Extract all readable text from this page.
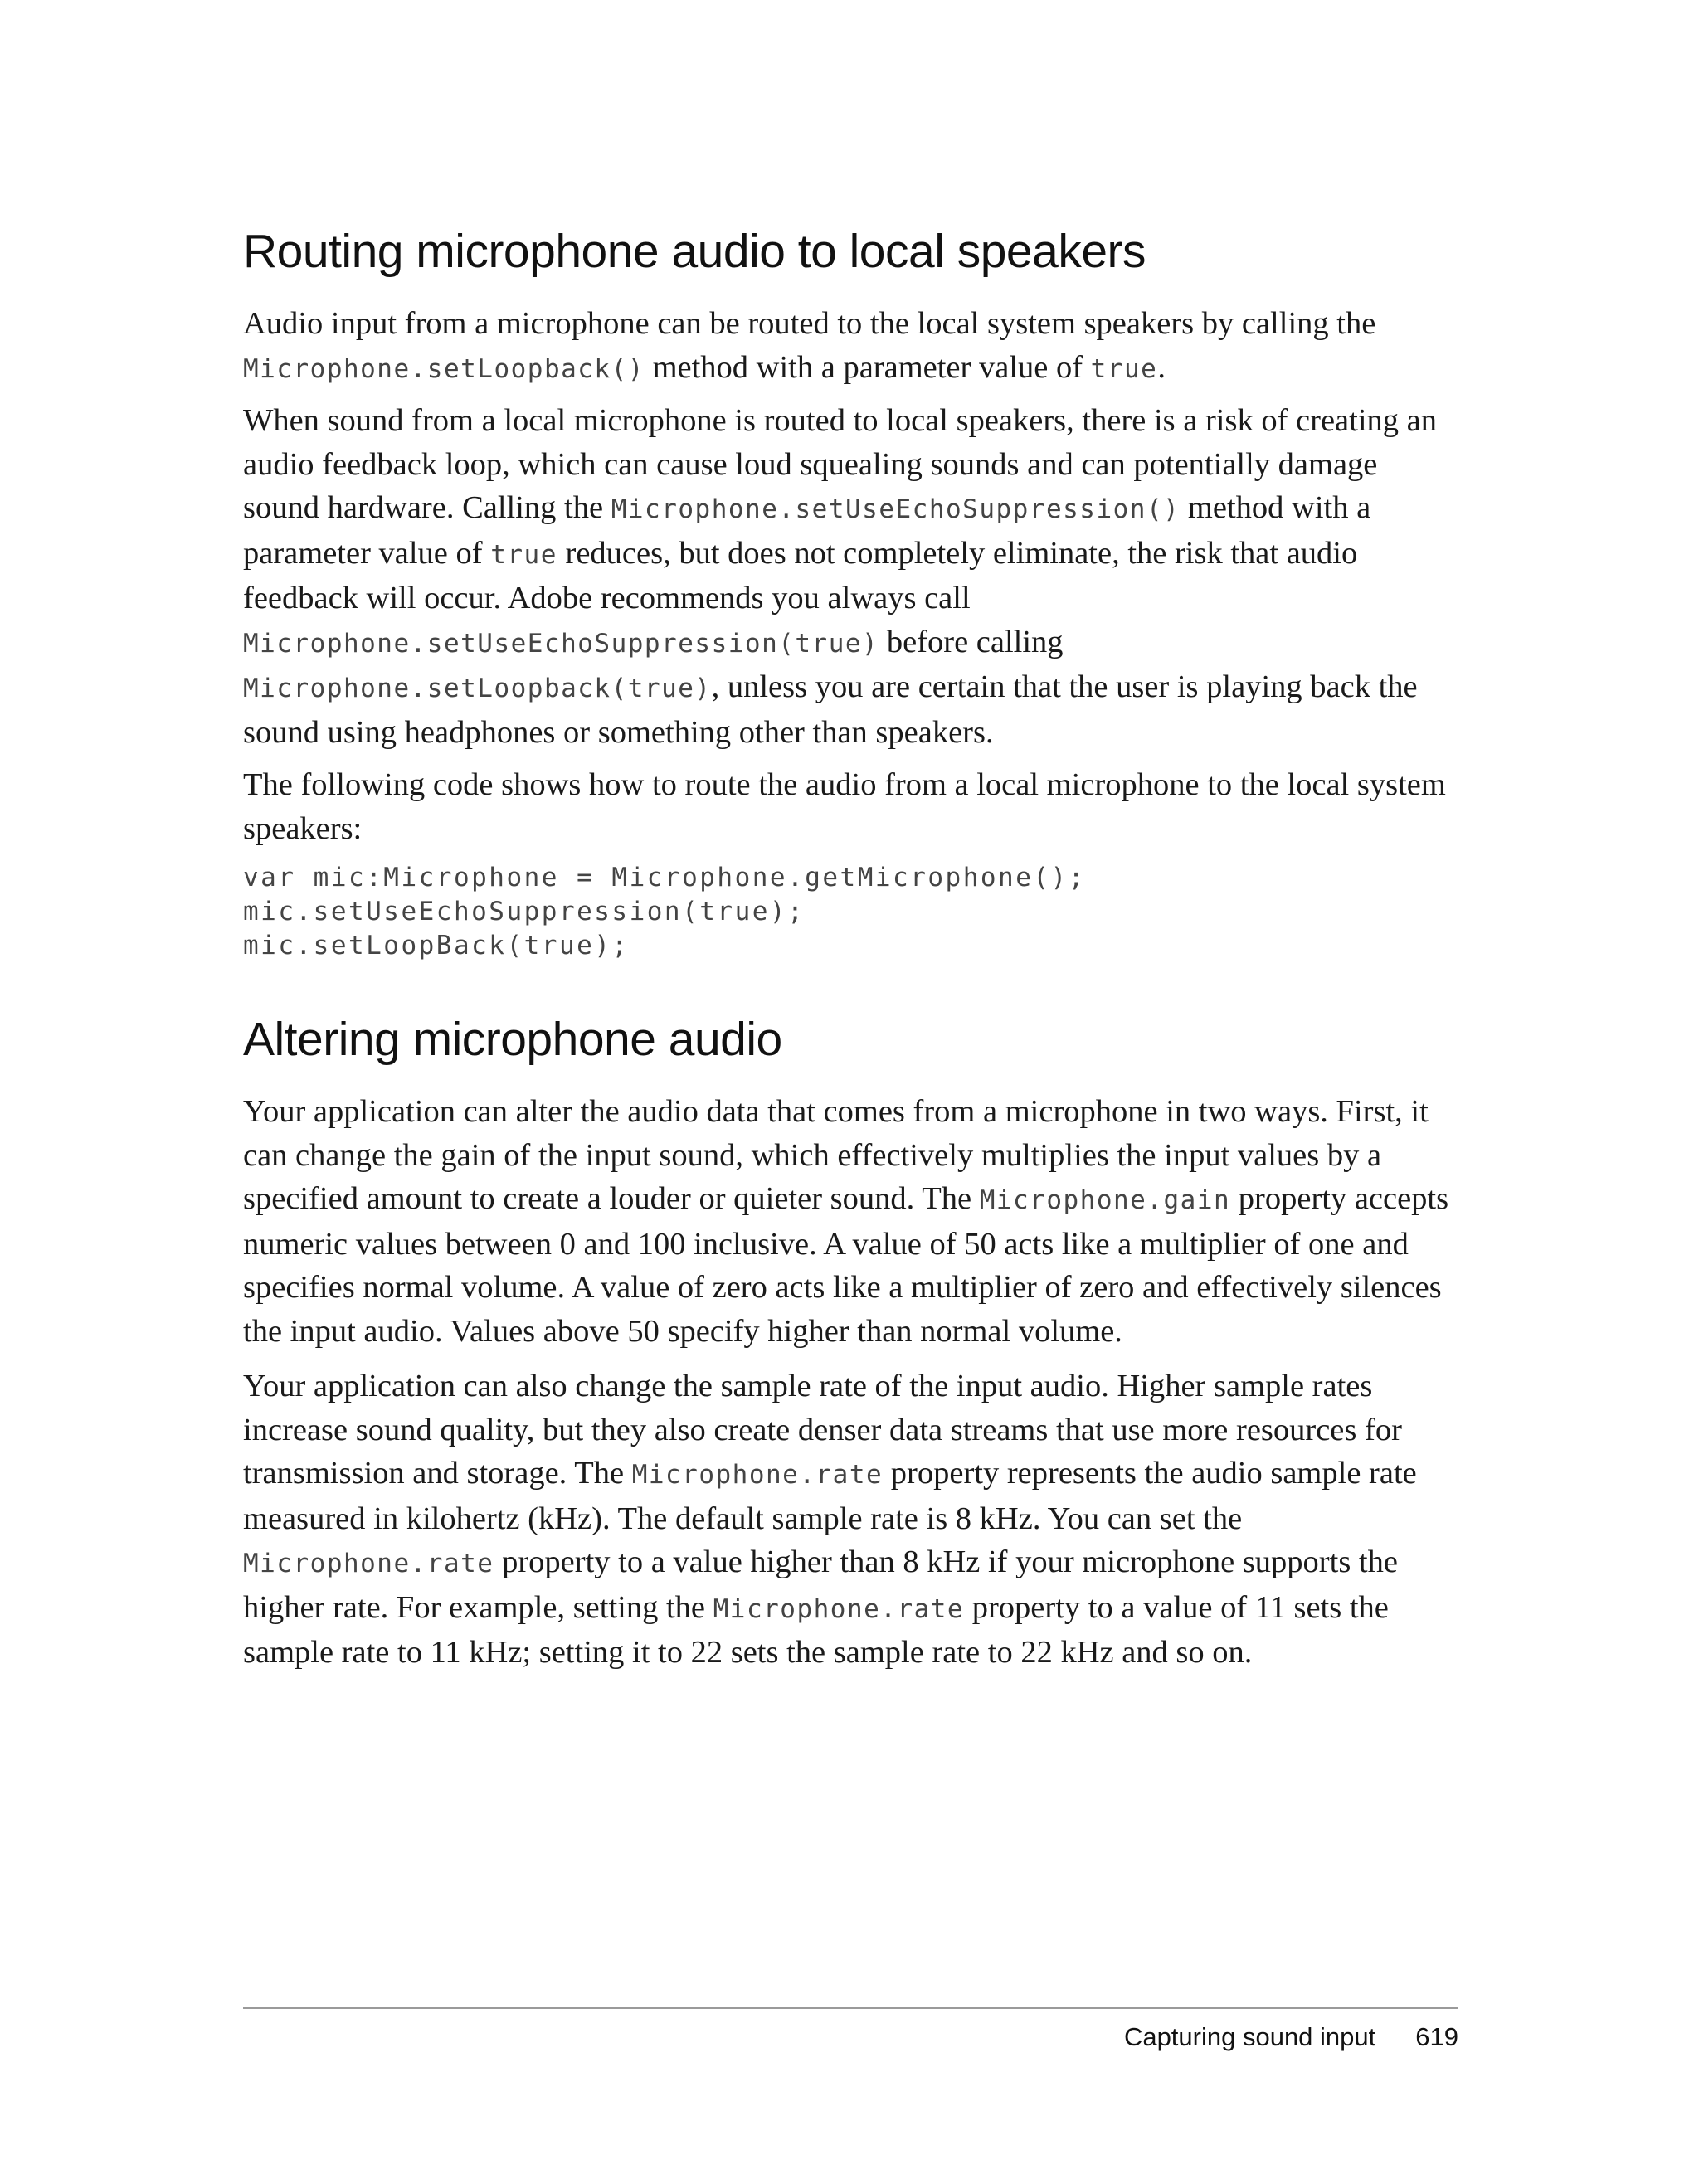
Routing microphone audio to local speakers

Audio input from a microphone can be routed to the local system speakers by calling the
Microphone.setLoopback() method with a parameter value of true.

When sound from a local microphone is routed to local speakers, there is a risk of creating an audio feedback loop, which can cause loud squealing sounds and can potentially damage sound hardware. Calling the Microphone.setUseEchoSuppression() method with a parameter value of true reduces, but does not completely eliminate, the risk that audio feedback will occur. Adobe recommends you always call
Microphone.setUseEchoSuppression(true) before calling
Microphone.setLoopback(true), unless you are certain that the user is playing back the sound using headphones or something other than speakers.

The following code shows how to route the audio from a local microphone to the local system speakers:

var mic:Microphone = Microphone.getMicrophone();
mic.setUseEchoSuppression(true);
mic.setLoopBack(true);
Altering microphone audio

Your application can alter the audio data that comes from a microphone in two ways. First, it can change the gain of the input sound, which effectively multiplies the input values by a specified amount to create a louder or quieter sound. The Microphone.gain property accepts numeric values between 0 and 100 inclusive. A value of 50 acts like a multiplier of one and specifies normal volume. A value of zero acts like a multiplier of zero and effectively silences the input audio. Values above 50 specify higher than normal volume.

Your application can also change the sample rate of the input audio. Higher sample rates increase sound quality, but they also create denser data streams that use more resources for transmission and storage. The Microphone.rate property represents the audio sample rate measured in kilohertz (kHz). The default sample rate is 8 kHz. You can set the
Microphone.rate property to a value higher than 8 kHz if your microphone supports the higher rate. For example, setting the Microphone.rate property to a value of 11 sets the sample rate to 11 kHz; setting it to 22 sets the sample rate to 22 kHz and so on.

Capturing sound input 619
